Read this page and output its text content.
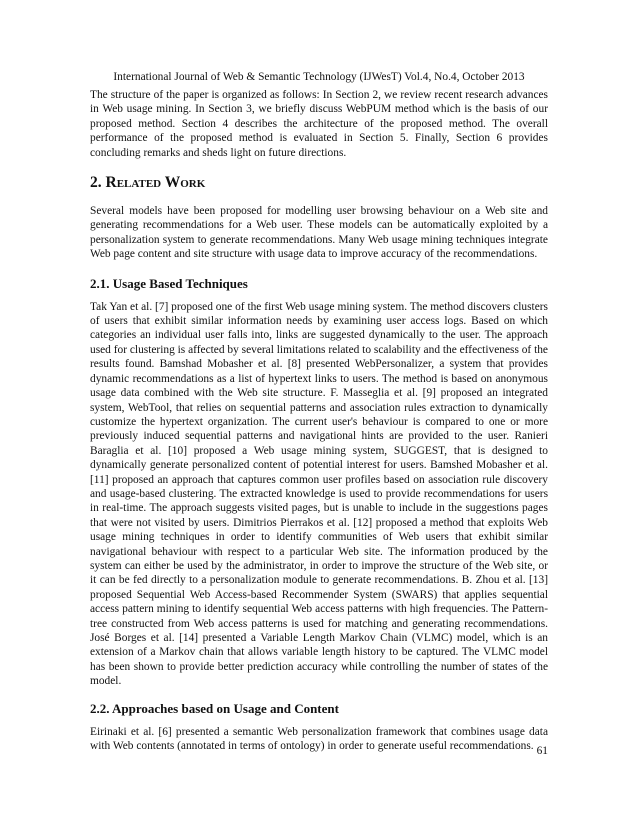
International Journal of Web & Semantic Technology (IJWesT) Vol.4, No.4, October 2013

The structure of the paper is organized as follows: In Section 2, we review recent research advances in Web usage mining. In Section 3, we briefly discuss WebPUM method which is the basis of our proposed method. Section 4 describes the architecture of the proposed method. The overall performance of the proposed method is evaluated in Section 5. Finally, Section 6 provides concluding remarks and sheds light on future directions.

2. Related Work

Several models have been proposed for modelling user browsing behaviour on a Web site and generating recommendations for a Web user. These models can be automatically exploited by a personalization system to generate recommendations. Many Web usage mining techniques integrate Web page content and site structure with usage data to improve accuracy of the recommendations.

2.1. Usage Based Techniques

Tak Yan et al. [7] proposed one of the first Web usage mining system. The method discovers clusters of users that exhibit similar information needs by examining user access logs. Based on which categories an individual user falls into, links are suggested dynamically to the user. The approach used for clustering is affected by several limitations related to scalability and the effectiveness of the results found. Bamshad Mobasher et al. [8] presented WebPersonalizer, a system that provides dynamic recommendations as a list of hypertext links to users. The method is based on anonymous usage data combined with the Web site structure. F. Masseglia et al. [9] proposed an integrated system, WebTool, that relies on sequential patterns and association rules extraction to dynamically customize the hypertext organization. The current user's behaviour is compared to one or more previously induced sequential patterns and navigational hints are provided to the user. Ranieri Baraglia et al. [10] proposed a Web usage mining system, SUGGEST, that is designed to dynamically generate personalized content of potential interest for users. Bamshed Mobasher et al. [11] proposed an approach that captures common user profiles based on association rule discovery and usage-based clustering. The extracted knowledge is used to provide recommendations for users in real-time. The approach suggests visited pages, but is unable to include in the suggestions pages that were not visited by users. Dimitrios Pierrakos et al. [12] proposed a method that exploits Web usage mining techniques in order to identify communities of Web users that exhibit similar navigational behaviour with respect to a particular Web site. The information produced by the system can either be used by the administrator, in order to improve the structure of the Web site, or it can be fed directly to a personalization module to generate recommendations. B. Zhou et al. [13] proposed Sequential Web Access-based Recommender System (SWARS) that applies sequential access pattern mining to identify sequential Web access patterns with high frequencies. The Pattern-tree constructed from Web access patterns is used for matching and generating recommendations. José Borges et al. [14] presented a Variable Length Markov Chain (VLMC) model, which is an extension of a Markov chain that allows variable length history to be captured. The VLMC model has been shown to provide better prediction accuracy while controlling the number of states of the model.

2.2. Approaches based on Usage and Content

Eirinaki et al. [6] presented a semantic Web personalization framework that combines usage data with Web contents (annotated in terms of ontology) in order to generate useful recommendations. 61
